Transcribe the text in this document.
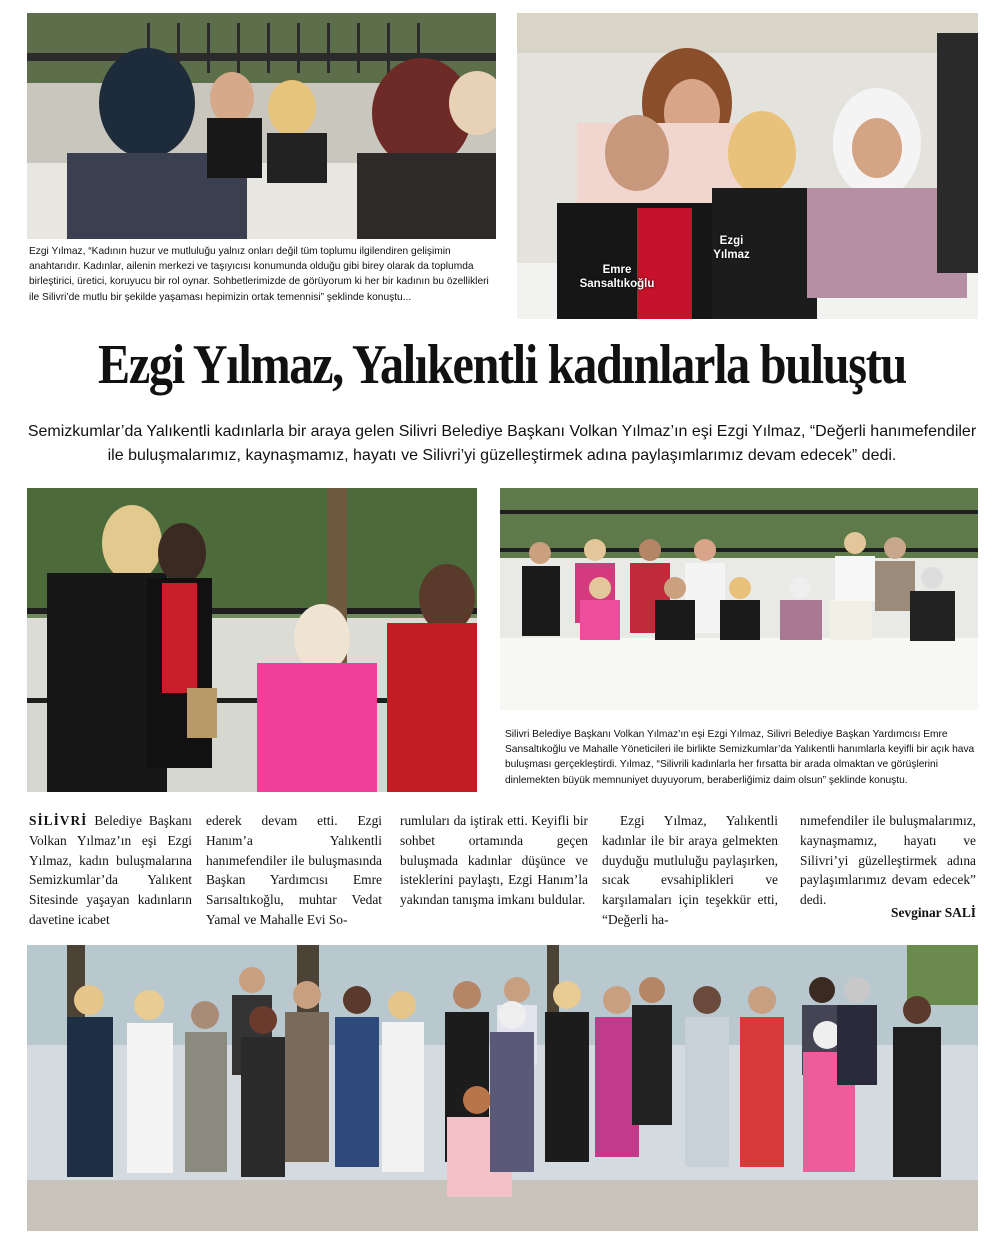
Ezgi
Yılmaz
Emre
Sansaltıkoğlu
Ezgi Yılmaz, “Kadının huzur ve mutluluğu yalnız onları değil tüm toplumu ilgilendiren gelişimin anahtarıdır. Kadınlar, ailenin merkezi ve taşıyıcısı konumunda olduğu gibi birey olarak da toplumda birleştirici, üretici, koruyucu bir rol oynar. Sohbetlerimizde de görüyorum ki her bir kadının bu özellikleri ile Silivri’de mutlu bir şekilde yaşaması hepimizin ortak temennisi” şeklinde konuştu...
Ezgi Yılmaz, Yalıkentli kadınlarla buluştu
Semizkumlar’da Yalıkentli kadınlarla bir araya gelen Silivri Belediye Başkanı Volkan Yılmaz’ın eşi Ezgi Yılmaz, “Değerli hanımefendiler ile buluşmalarımız, kaynaşmamız, hayatı ve Silivri’yi güzelleştirmek adına paylaşımlarımız devam edecek” dedi.
Silivri Belediye Başkanı Volkan Yılmaz’ın eşi Ezgi Yılmaz, Silivri Belediye Başkan Yardımcısı Emre Sansaltıkoğlu ve Mahalle Yöneticileri ile birlikte Semizkumlar’da Yalıkentli hanımlarla keyifli bir açık hava buluşması gerçekleştirdi. Yılmaz, “Silivrili kadınlarla her fırsatta bir arada olmaktan ve görüşlerini dinlemekten büyük memnuniyet duyuyorum, beraberliğimiz daim olsun” şeklinde konuştu.

SİLİVRİ Belediye Başkanı Volkan Yılmaz’ın eşi Ezgi Yılmaz, kadın buluşmalarına Semizkumlar’da Yalıkent Sitesinde yaşayan kadınların davetine icabet

ederek devam etti. Ezgi Hanım’a Yalıkentli hanımefendiler ile buluşmasında Başkan Yardımcısı Emre Sarısaltıkoğlu, muhtar Vedat Yamal ve Mahalle Evi So-

rumluları da iştirak etti. Keyifli bir sohbet ortamında geçen buluşmada kadınlar düşünce ve isteklerini paylaştı, Ezgi Hanım’la yakından tanışma imkanı buldular.

Ezgi Yılmaz, Yalıkentli kadınlar ile bir araya gelmekten duyduğu mutluluğu paylaşırken, sıcak evsahiplikleri ve karşılamaları için teşekkür etti, “Değerli ha-

nımefendiler ile buluşmalarımız, kaynaşmamız, hayatı ve Silivri’yi güzelleştirmek adına paylaşımlarımız devam edecek” dedi.

Sevginar SALİ
